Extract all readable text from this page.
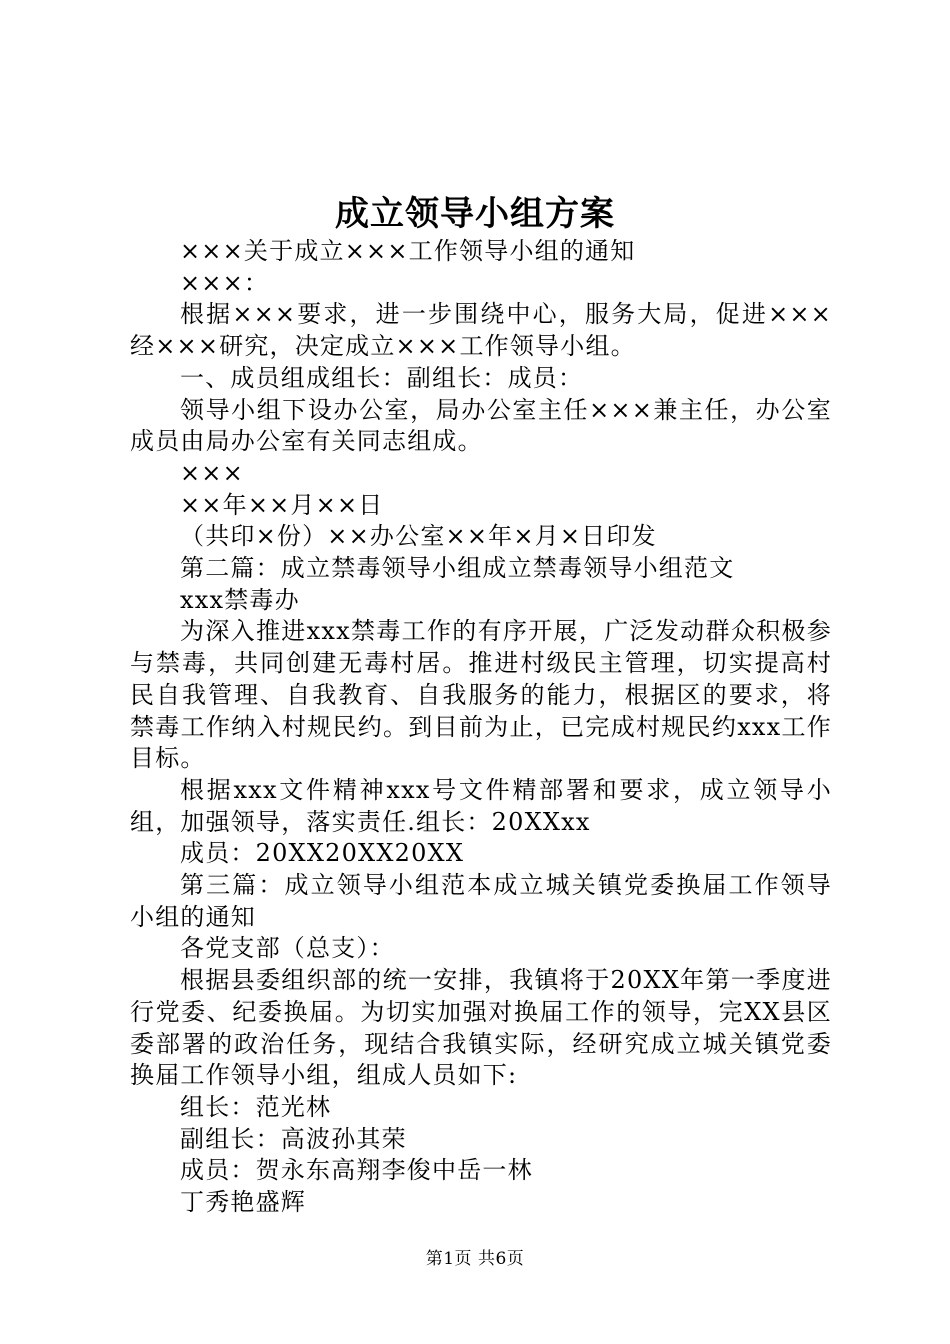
成立领导小组方案

×××关于成立×××工作领导小组的通知

×××：

根据×××要求，进一步围绕中心，服务大局，促进×××经×××研究，决定成立×××工作领导小组。

一、成员组成组长：副组长：成员：

领导小组下设办公室，局办公室主任×××兼主任，办公室成员由局办公室有关同志组成。

×××

××年××月××日

（共印×份）××办公室××年×月×日印发

第二篇：成立禁毒领导小组成立禁毒领导小组范文

xxx禁毒办

为深入推进xxx禁毒工作的有序开展，广泛发动群众积极参与禁毒，共同创建无毒村居。推进村级民主管理，切实提高村民自我管理、自我教育、自我服务的能力，根据区的要求，将禁毒工作纳入村规民约。到目前为止，已完成村规民约xxx工作目标。

根据xxx文件精神xxx号文件精部署和要求，成立领导小组，加强领导，落实责任.组长：20XXxx

成员：20XX20XX20XX

第三篇：成立领导小组范本成立城关镇党委换届工作领导小组的通知

各党支部（总支）：

根据县委组织部的统一安排，我镇将于20XX年第一季度进行党委、纪委换届。为切实加强对换届工作的领导，完XX县区委部署的政治任务，现结合我镇实际，经研究成立城关镇党委换届工作领导小组，组成人员如下:

组长：范光林

副组长：高波孙其荣

成员：贺永东高翔李俊中岳一林

丁秀艳盛辉

第1页 共6页
